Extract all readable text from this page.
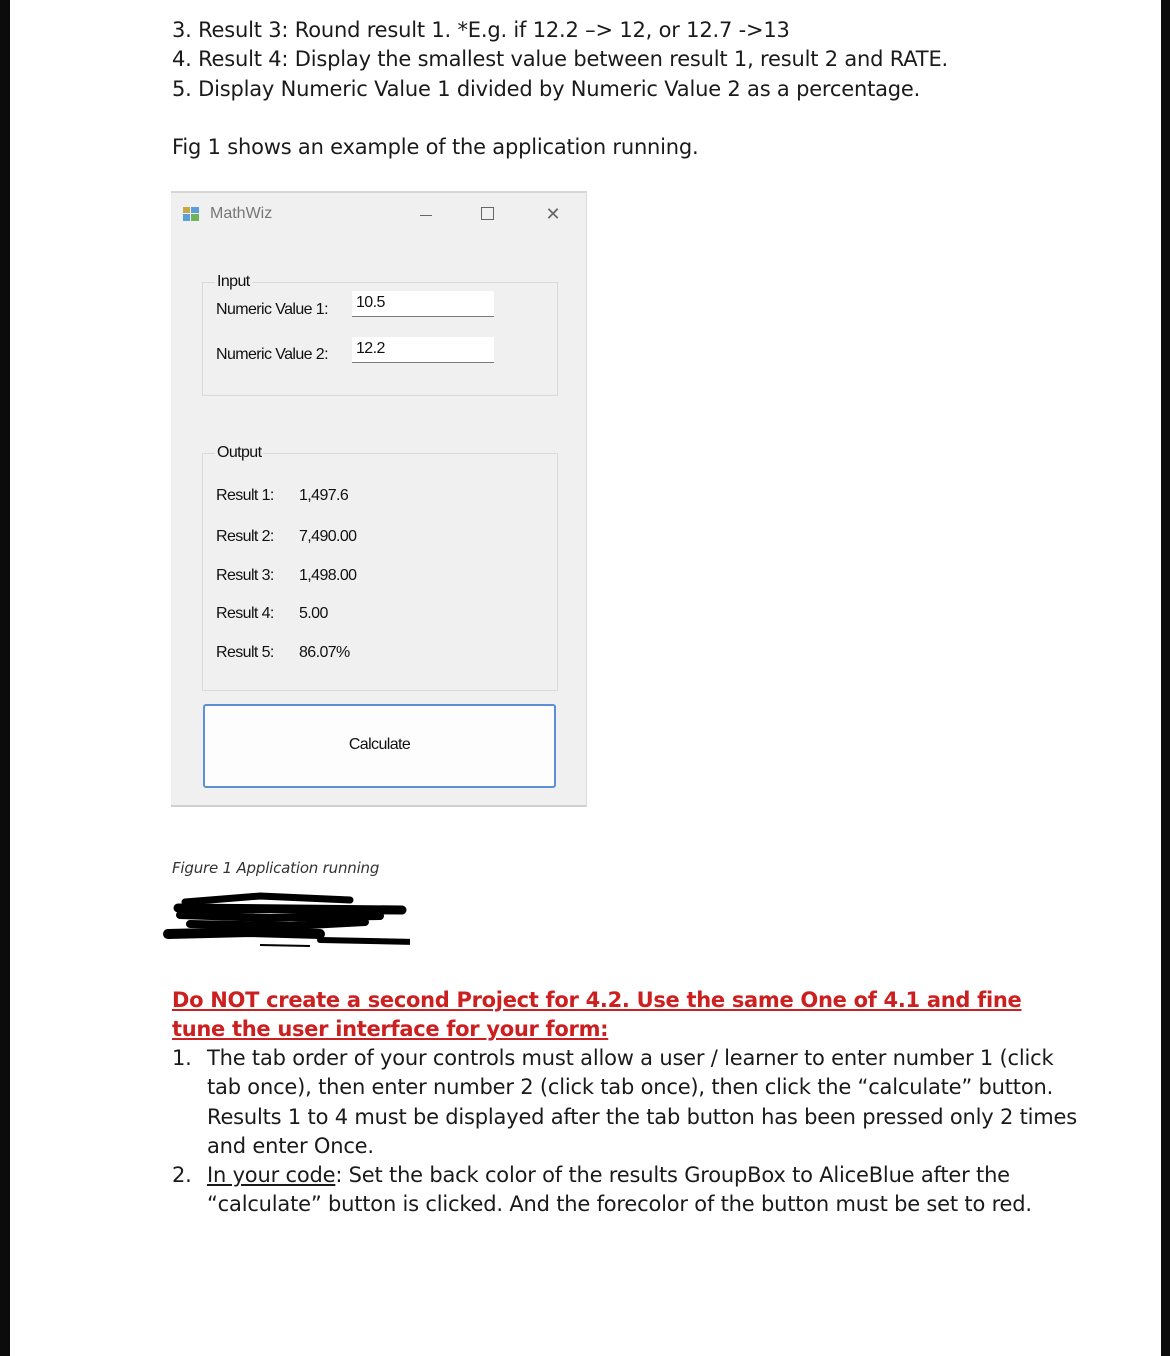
3. Result 3: Round result 1. *E.g. if 12.2 –> 12, or 12.7 ->13
4. Result 4: Display the smallest value between result 1, result 2 and RATE.
5. Display Numeric Value 1 divided by Numeric Value 2 as a percentage.
Fig 1 shows an example of the application running.
MathWiz	✕
Input
Numeric Value 1: 10.5
Numeric Value 2: 12.2
Output
Result 1: 1,497.6
Result 2: 7,490.00
Result 3: 1,498.00
Result 4: 5.00
Result 5: 86.07%
Calculate
Figure 1 Application running
Do NOT create a second Project for 4.2. Use the same One of 4.1 and fine
tune the user interface for your form:
1. The tab order of your controls must allow a user / learner to enter number 1 (click
tab once), then enter number 2 (click tab once), then click the “calculate” button.
Results 1 to 4 must be displayed after the tab button has been pressed only 2 times
and enter Once.
2. In your code: Set the back color of the results GroupBox to AliceBlue after the
“calculate” button is clicked. And the forecolor of the button must be set to red.
